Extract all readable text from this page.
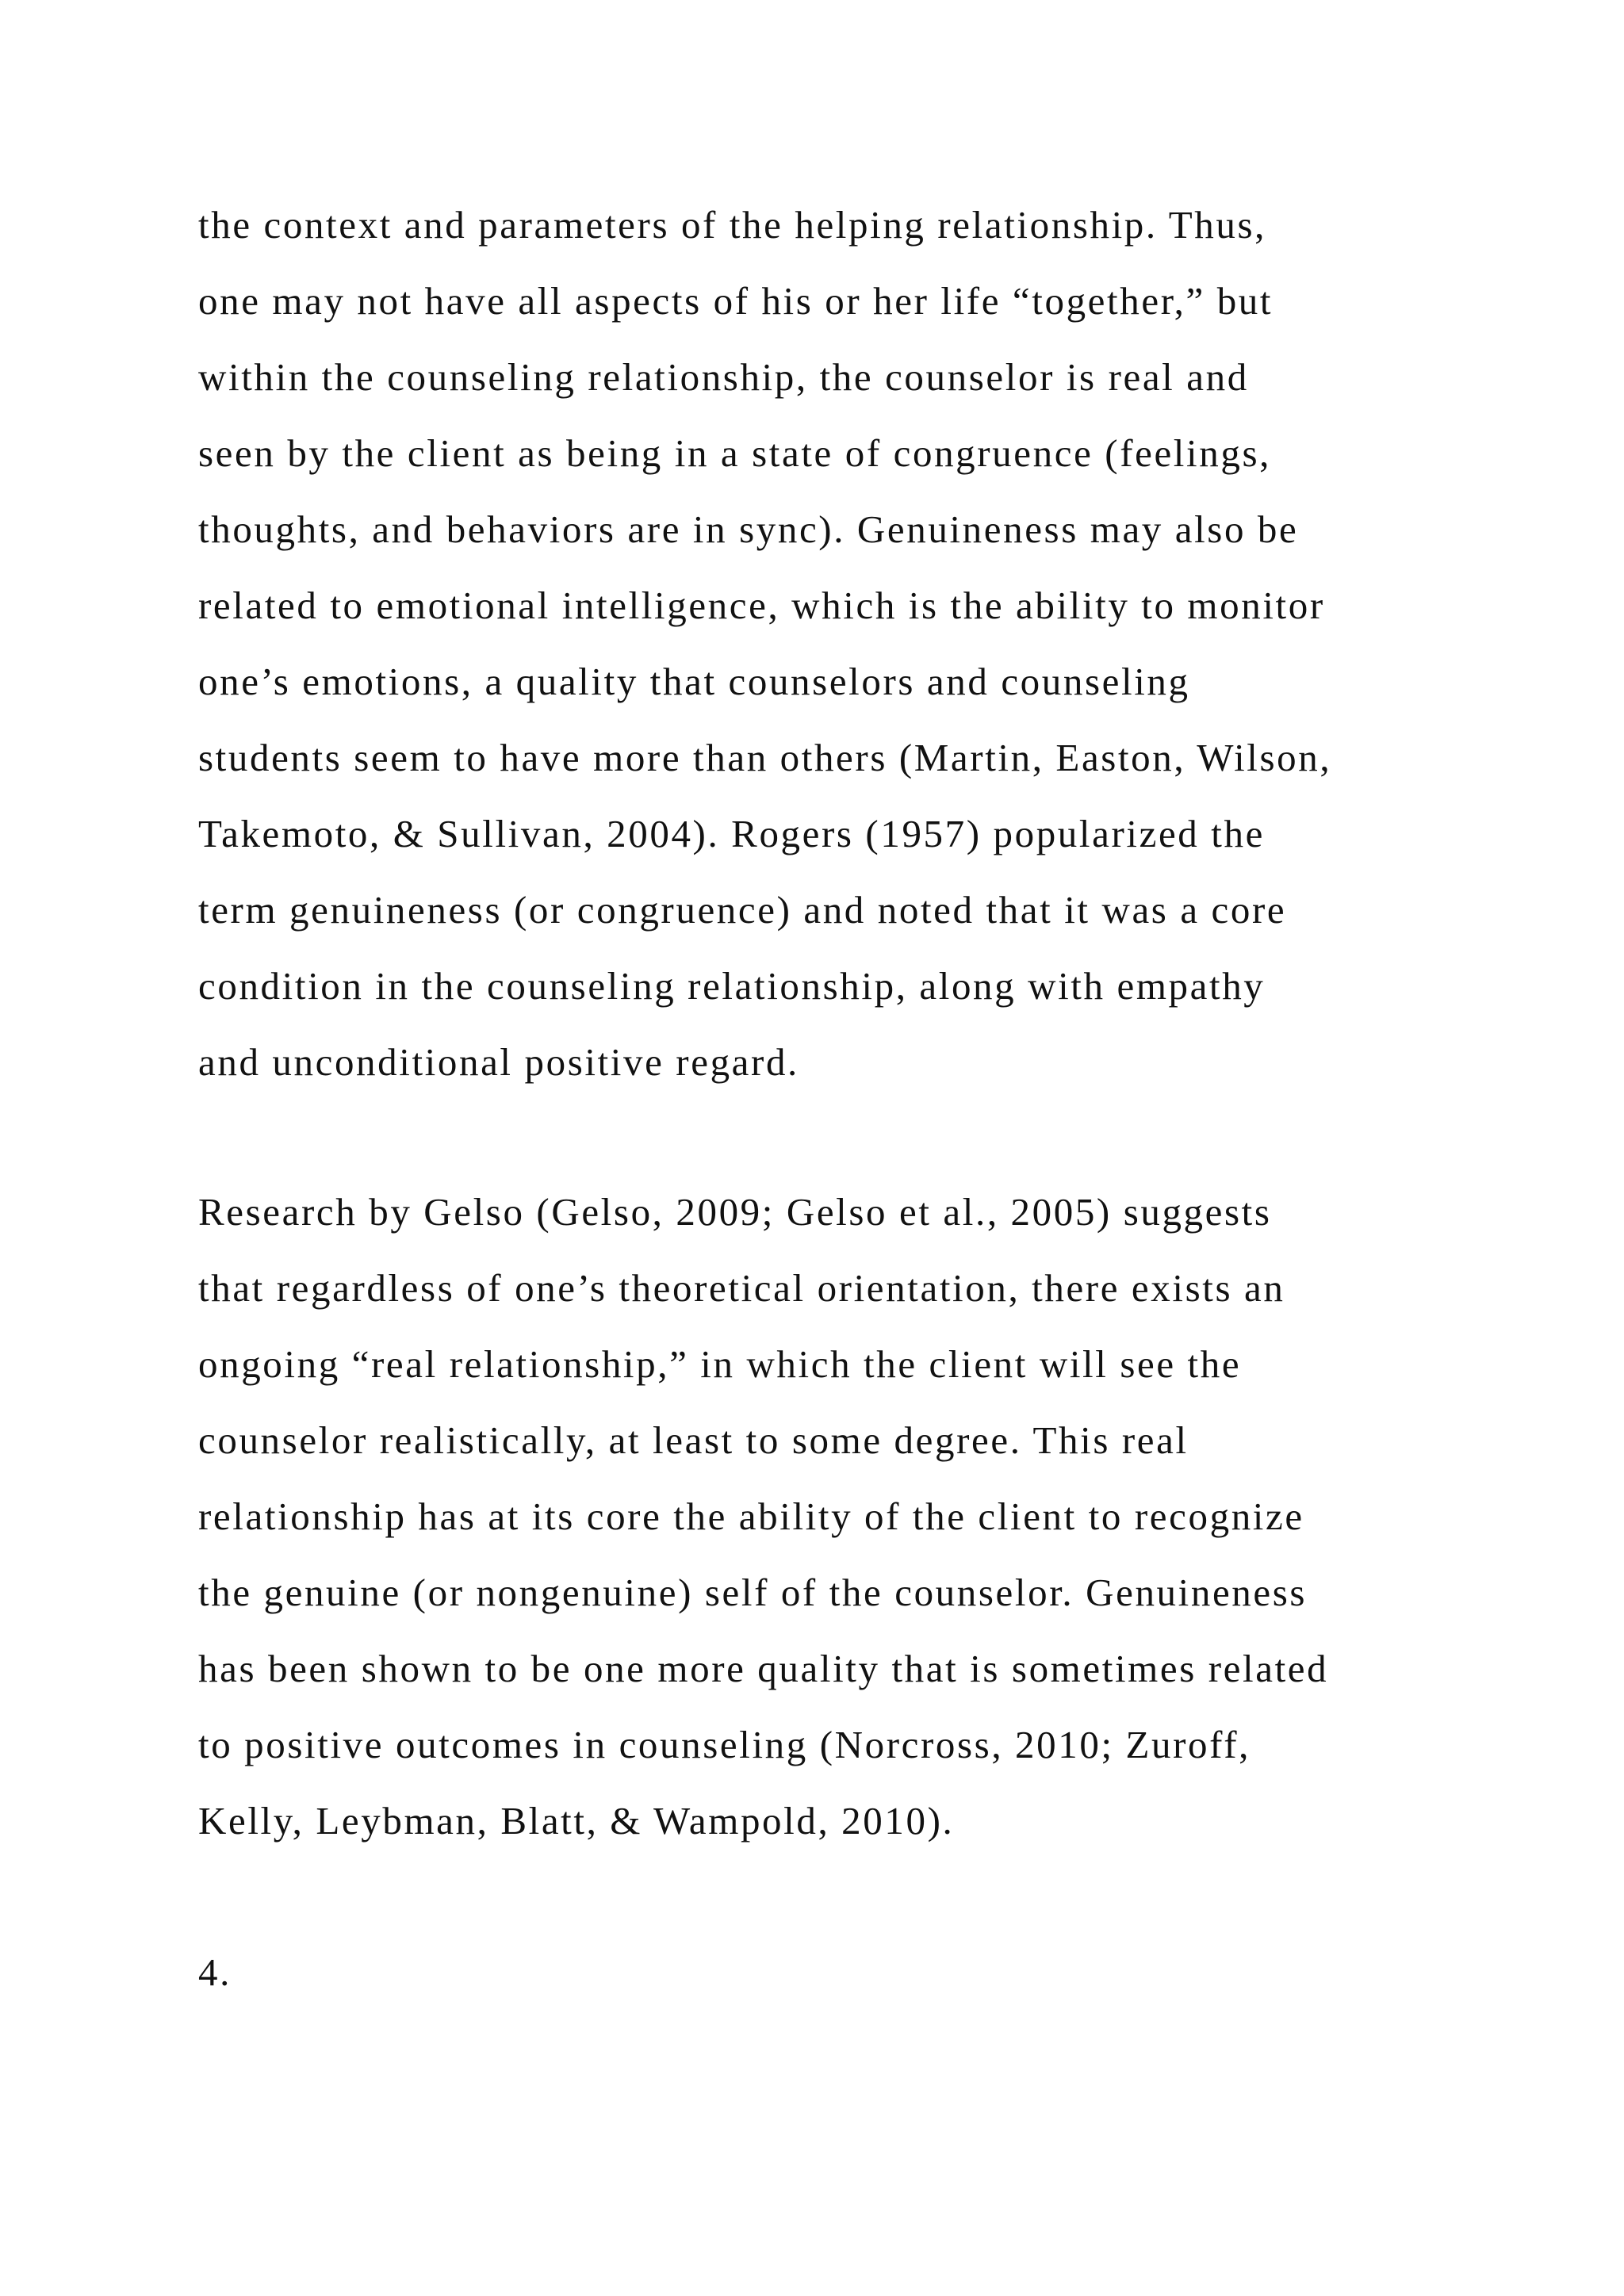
the context and parameters of the helping relationship. Thus,
one may not have all aspects of his or her life “together,” but
within the counseling relationship, the counselor is real and
seen by the client as being in a state of congruence (feelings,
thoughts, and behaviors are in sync). Genuineness may also be
related to emotional intelligence, which is the ability to monitor
one’s emotions, a quality that counselors and counseling
students seem to have more than others (Martin, Easton, Wilson,
Takemoto, & Sullivan, 2004). Rogers (1957) popularized the
term genuineness (or congruence) and noted that it was a core
condition in the counseling relationship, along with empathy
and unconditional positive regard.
Research by Gelso (Gelso, 2009; Gelso et al., 2005) suggests
that regardless of one’s theoretical orientation, there exists an
ongoing “real relationship,” in which the client will see the
counselor realistically, at least to some degree. This real
relationship has at its core the ability of the client to recognize
the genuine (or nongenuine) self of the counselor. Genuineness
has been shown to be one more quality that is sometimes related
to positive outcomes in counseling (Norcross, 2010; Zuroff,
Kelly, Leybman, Blatt, & Wampold, 2010).
4.
